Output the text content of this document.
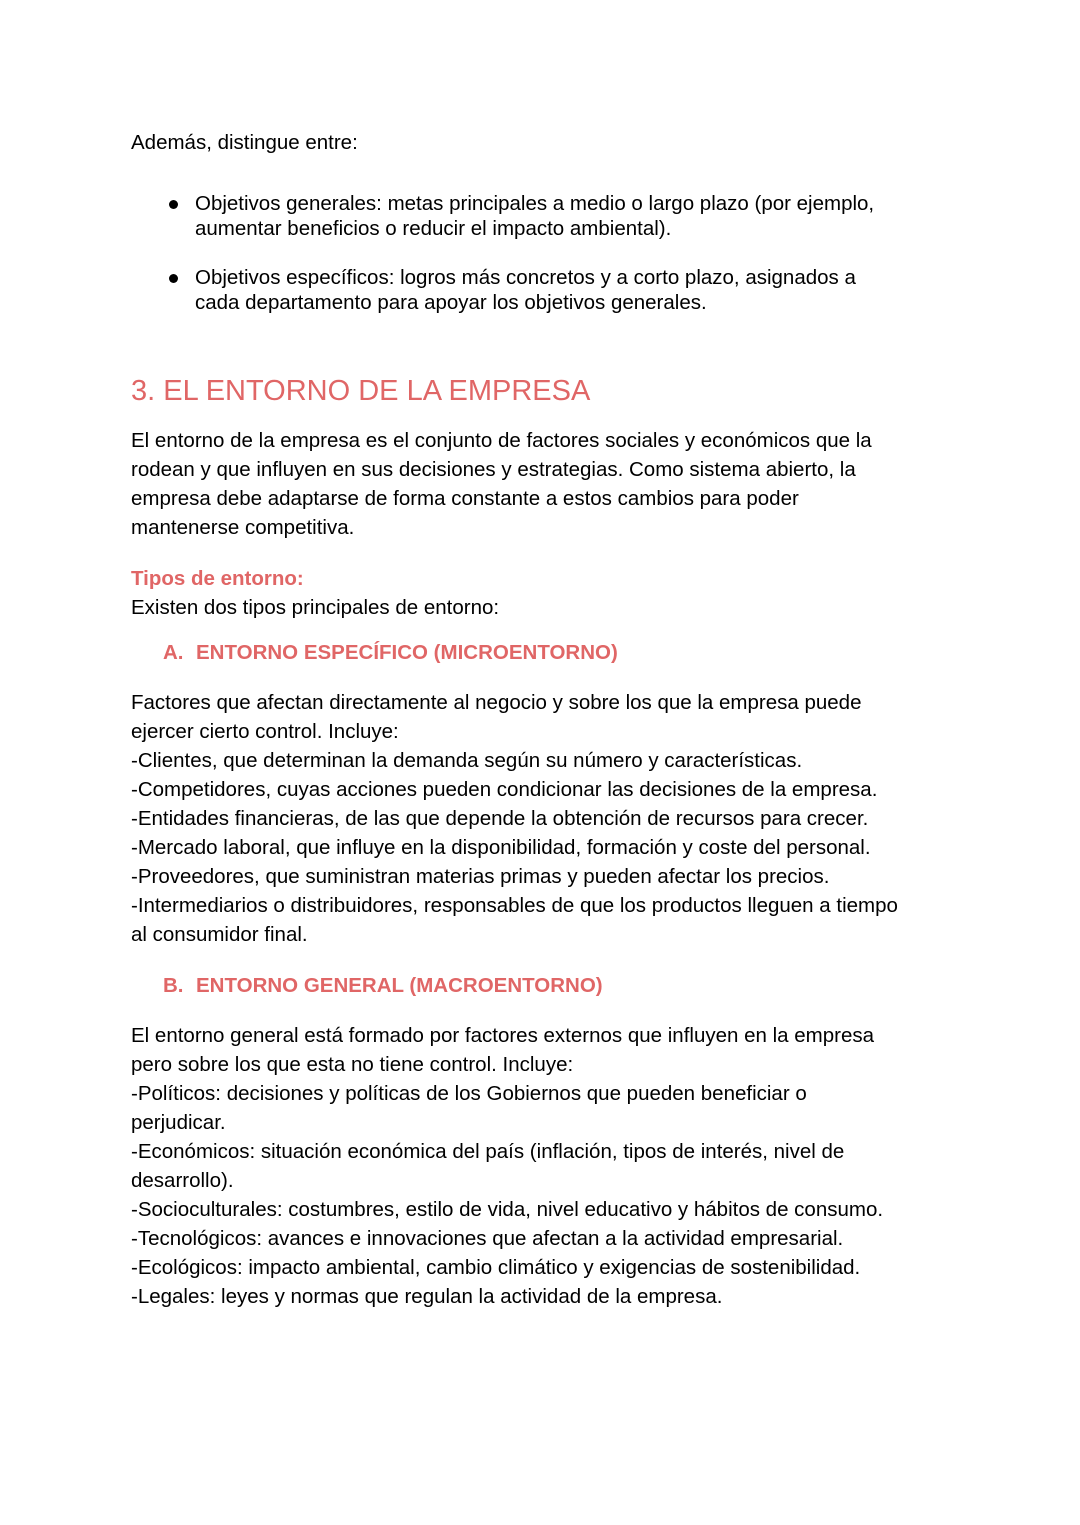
Además, distingue entre:

Objetivos generales: metas principales a medio o largo plazo (por ejemplo,
aumentar beneficios o reducir el impacto ambiental).
Objetivos específicos: logros más concretos y a corto plazo, asignados a
cada departamento para apoyar los objetivos generales.
3. EL ENTORNO DE LA EMPRESA

El entorno de la empresa es el conjunto de factores sociales y económicos que la
rodean y que influyen en sus decisiones y estrategias. Como sistema abierto, la
empresa debe adaptarse de forma constante a estos cambios para poder
mantenerse competitiva.

Tipos de entorno:

Existen dos tipos principales de entorno:

A. ENTORNO ESPECÍFICO (MICROENTORNO)
Factores que afectan directamente al negocio y sobre los que la empresa puede
ejercer cierto control. Incluye:
-Clientes, que determinan la demanda según su número y características.
-Competidores, cuyas acciones pueden condicionar las decisiones de la empresa.
-Entidades financieras, de las que depende la obtención de recursos para crecer.
-Mercado laboral, que influye en la disponibilidad, formación y coste del personal.
-Proveedores, que suministran materias primas y pueden afectar los precios.
-Intermediarios o distribuidores, responsables de que los productos lleguen a tiempo
al consumidor final.
B. ENTORNO GENERAL (MACROENTORNO)
El entorno general está formado por factores externos que influyen en la empresa
pero sobre los que esta no tiene control. Incluye:
-Políticos: decisiones y políticas de los Gobiernos que pueden beneficiar o
perjudicar.
-Económicos: situación económica del país (inflación, tipos de interés, nivel de
desarrollo).
-Socioculturales: costumbres, estilo de vida, nivel educativo y hábitos de consumo.
-Tecnológicos: avances e innovaciones que afectan a la actividad empresarial.
-Ecológicos: impacto ambiental, cambio climático y exigencias de sostenibilidad.
-Legales: leyes y normas que regulan la actividad de la empresa.
